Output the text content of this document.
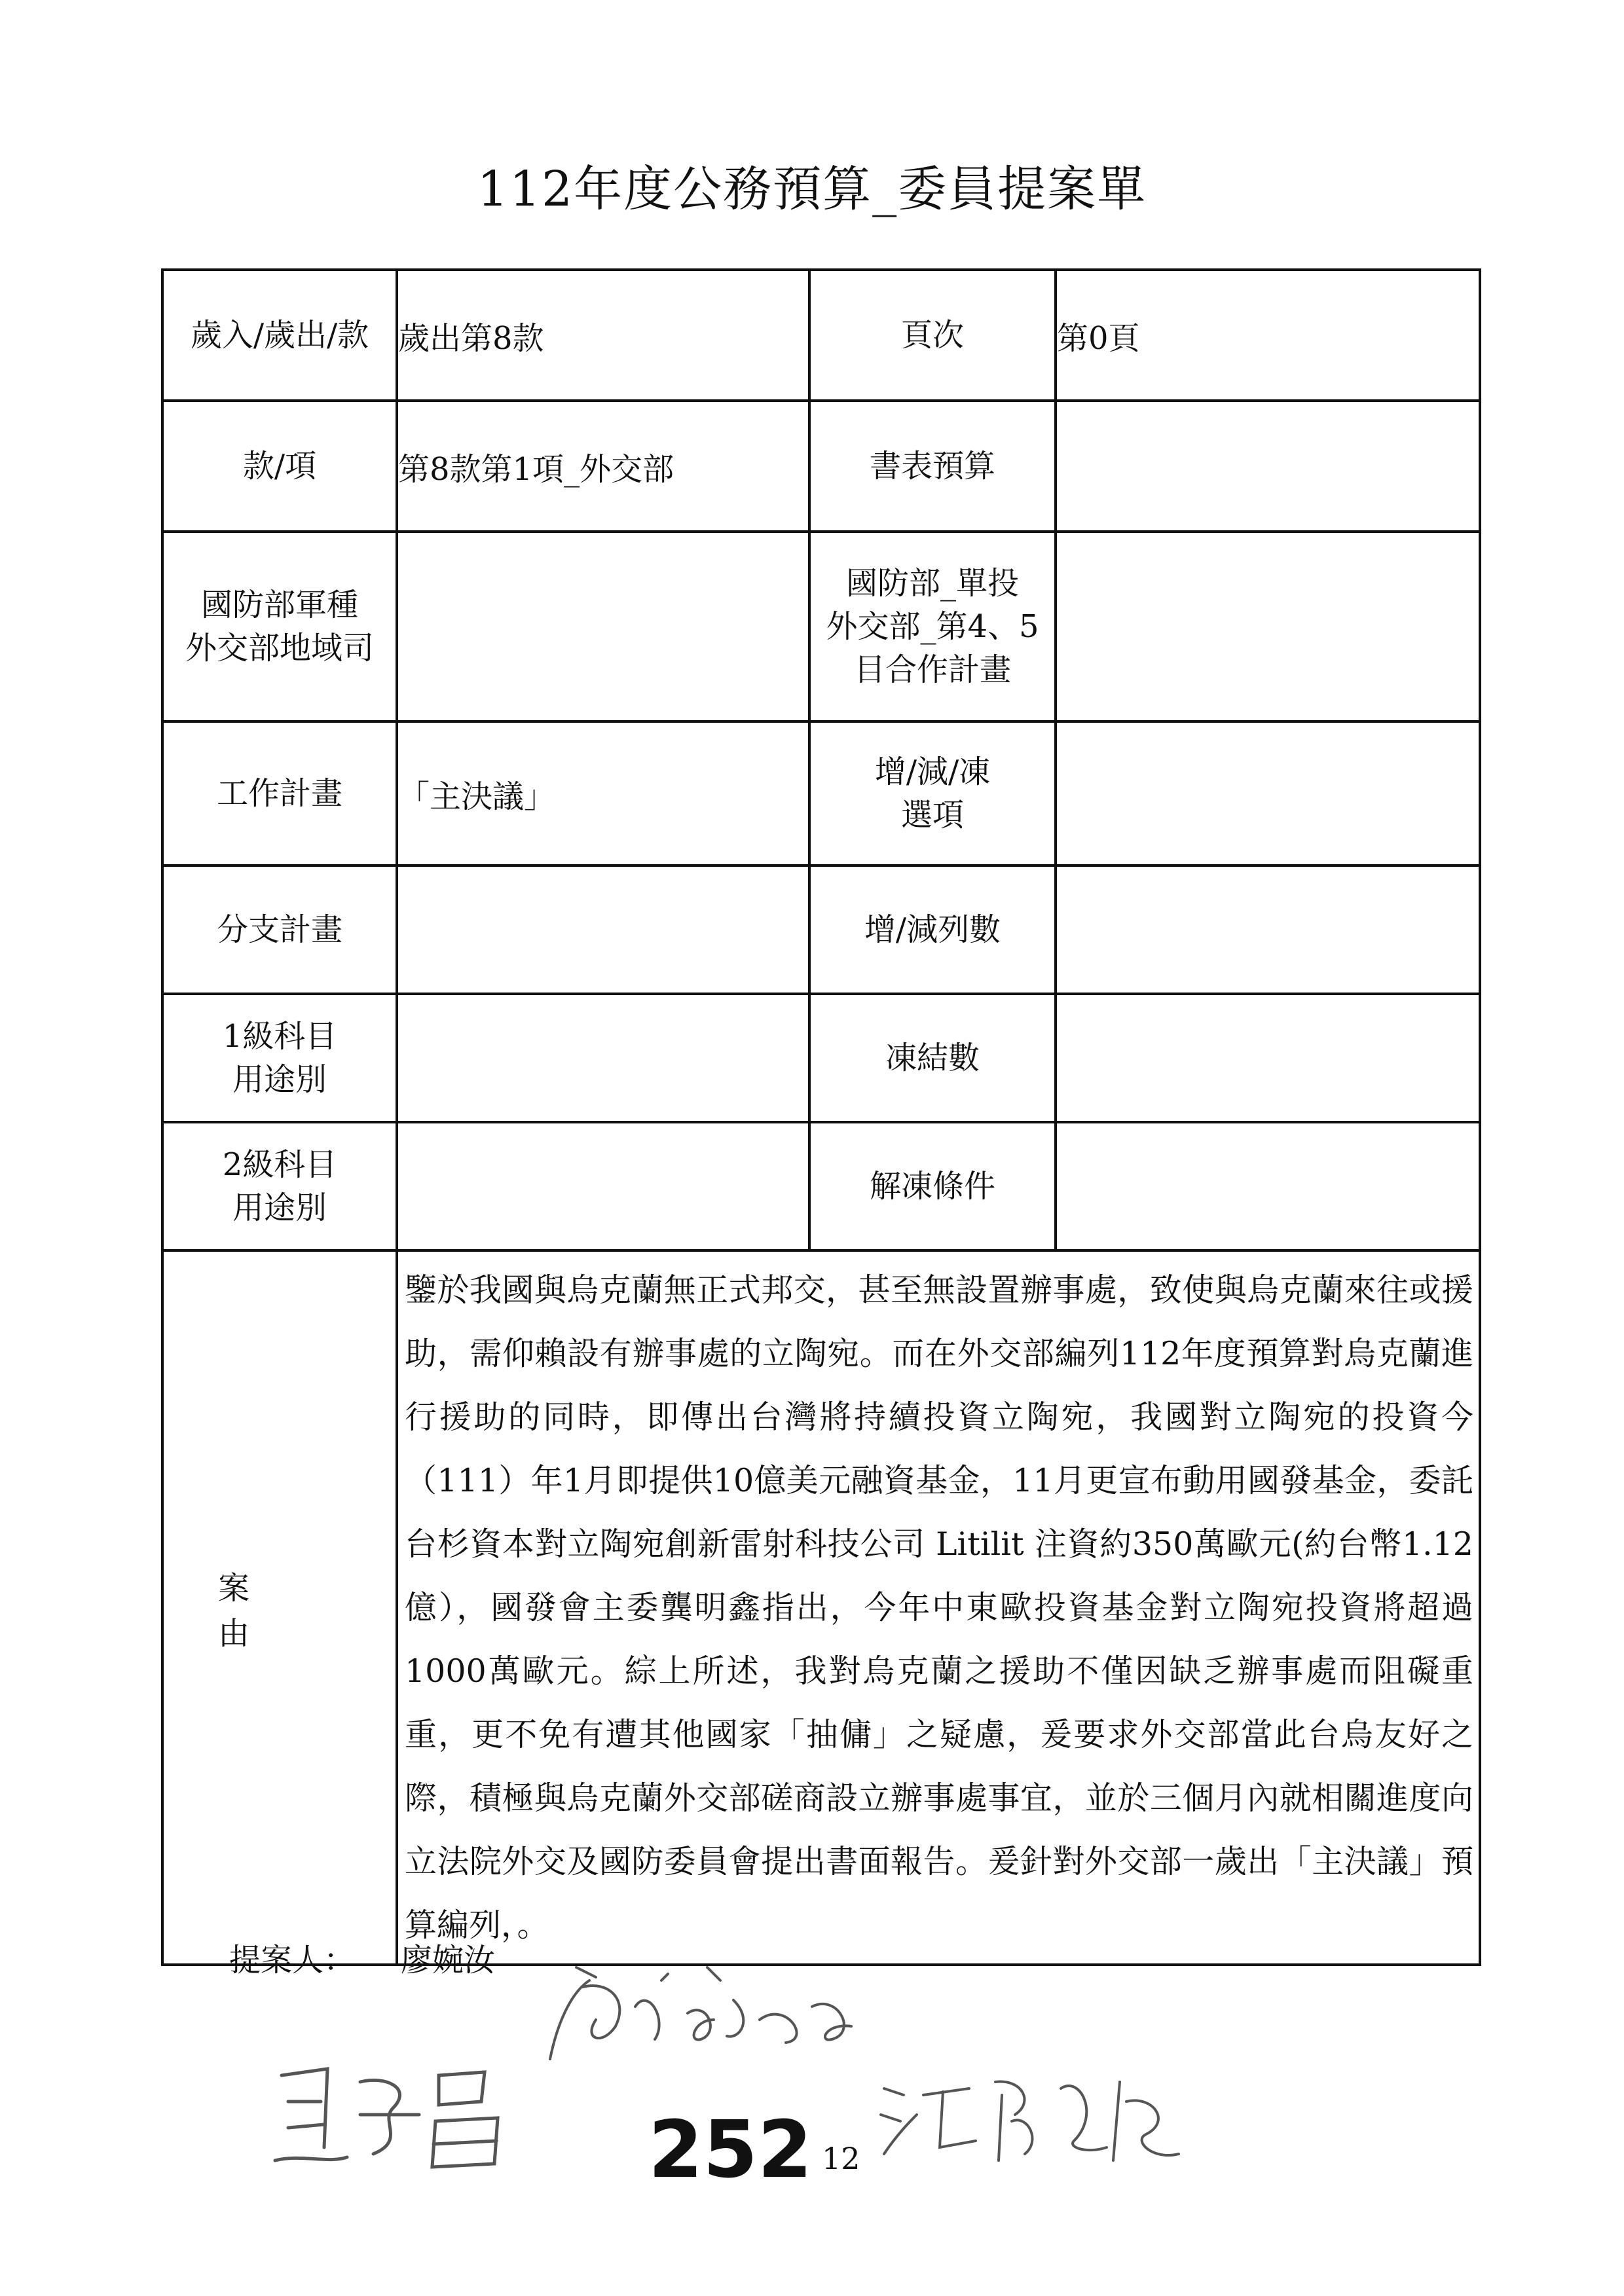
112年度公務預算_委員提案單
歲入/歲出/款	歲出第8款	頁次	第0頁
款/項	第8款第1項_外交部	書表預算	
國防部軍種
外交部地域司		國防部_單投
外交部_第4、5
目合作計畫	
工作計畫	「主決議」	增/減/凍
選項	
分支計畫		增/減列數	
1級科目
用途別		凍結數	
2級科目
用途別		解凍條件	
案由	鑒於我國與烏克蘭無正式邦交，甚至無設置辦事處，致使與烏克蘭來往或援助，需仰賴設有辦事處的立陶宛。而在外交部編列112年度預算對烏克蘭進行援助的同時，即傳出台灣將持續投資立陶宛，我國對立陶宛的投資今（111）年1月即提供10億美元融資基金，11月更宣布動用國發基金，委託台杉資本對立陶宛創新雷射科技公司 Litilit 注資約350萬歐元(約台幣1.12億），國發會主委龔明鑫指出，今年中東歐投資基金對立陶宛投資將超過1000萬歐元。綜上所述，我對烏克蘭之援助不僅因缺乏辦事處而阻礙重重，更不免有遭其他國家「抽傭」之疑慮，爰要求外交部當此台烏友好之際，積極與烏克蘭外交部磋商設立辦事處事宜，並於三個月內就相關進度向立法院外交及國防委員會提出書面報告。爰針對外交部一歲出「主決議」預算編列，。		

提案人： 廖婉汝
252 12
